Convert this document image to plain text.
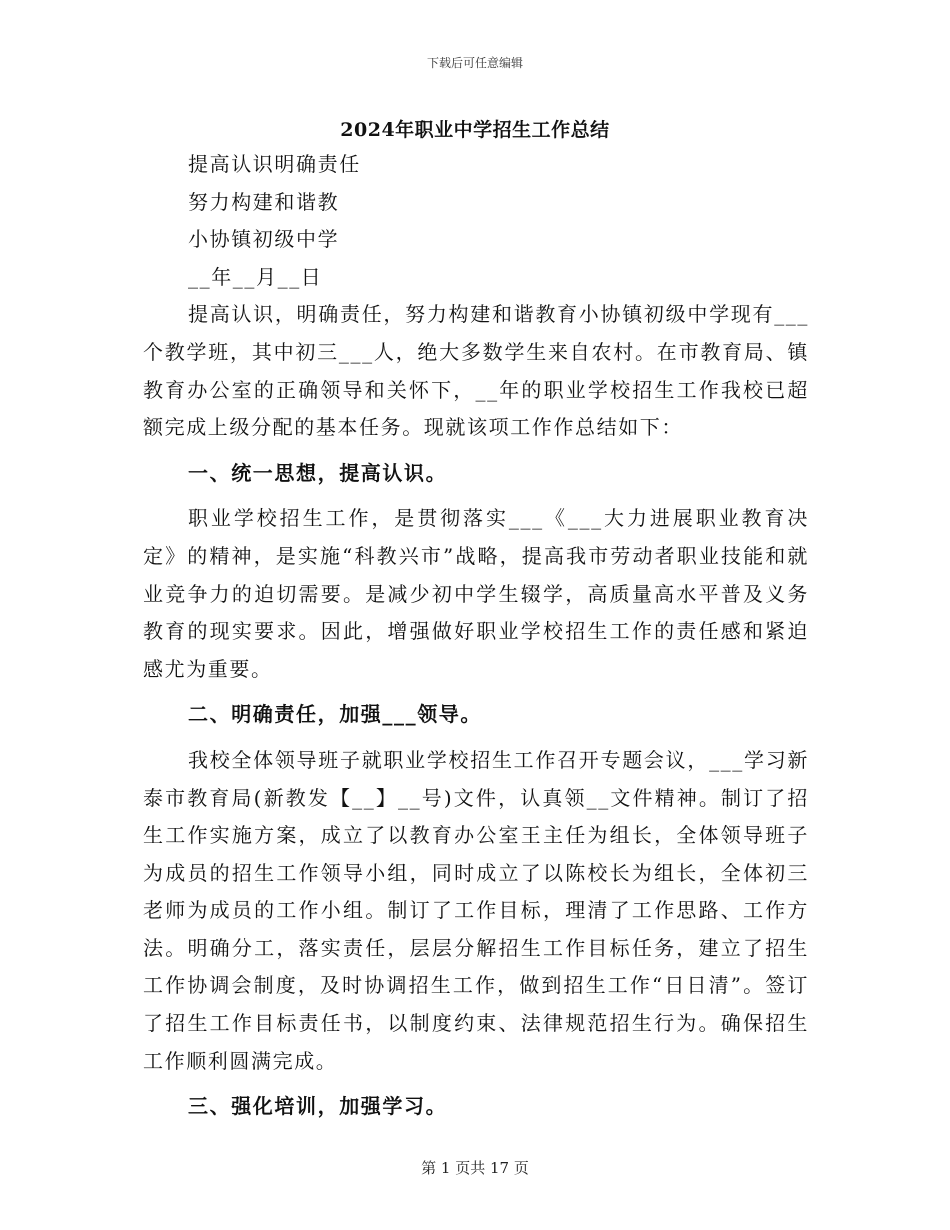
下载后可任意编辑
2024年职业中学招生工作总结

提高认识明确责任

努力构建和谐教

小协镇初级中学

__年__月__日

提高认识，明确责任，努力构建和谐教育小协镇初级中学现有___个教学班，其中初三___人，绝大多数学生来自农村。在市教育局、镇教育办公室的正确领导和关怀下，__年的职业学校招生工作我校已超额完成上级分配的基本任务。现就该项工作作总结如下：

一、统一思想，提高认识。

职业学校招生工作，是贯彻落实___《___大力进展职业教育决定》的精神，是实施“科教兴市”战略，提高我市劳动者职业技能和就业竞争力的迫切需要。是减少初中学生辍学，高质量高水平普及义务教育的现实要求。因此，增强做好职业学校招生工作的责任感和紧迫感尤为重要。

二、明确责任，加强___领导。

我校全体领导班子就职业学校招生工作召开专题会议，___学习新泰市教育局(新教发【__】__号)文件，认真领__文件精神。制订了招生工作实施方案，成立了以教育办公室王主任为组长，全体领导班子为成员的招生工作领导小组，同时成立了以陈校长为组长，全体初三老师为成员的工作小组。制订了工作目标，理清了工作思路、工作方法。明确分工，落实责任，层层分解招生工作目标任务，建立了招生工作协调会制度，及时协调招生工作，做到招生工作“日日清”。签订了招生工作目标责任书，以制度约束、法律规范招生行为。确保招生工作顺利圆满完成。

三、强化培训，加强学习。

第 1 页共 17 页
